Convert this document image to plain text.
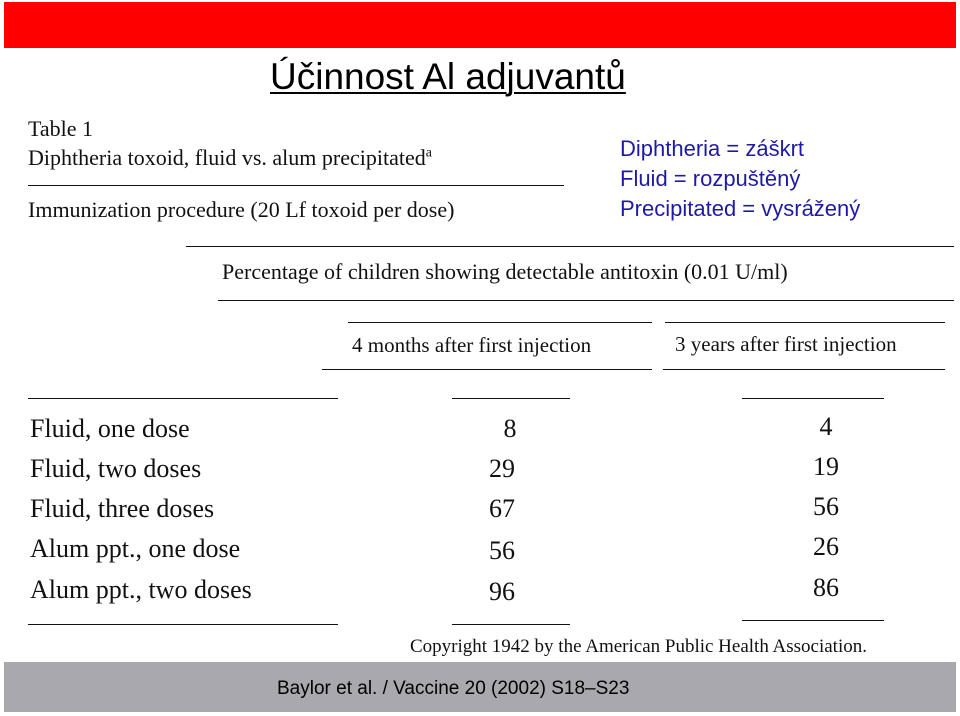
Účinnost Al adjuvantů
Table 1
Diphtheria toxoid, fluid vs. alum precipitated$^a$
Immunization procedure (20 Lf toxoid per dose)
Diphtheria = záškrt
Fluid = rozpuštěný
Precipitated = vysrážený
Percentage of children showing detectable antitoxin (0.01 U/ml)
4 months after first injection	3 years after first injection
Fluid, one dose	8	4
Fluid, two doses	29	19
Fluid, three doses	67	56
Alum ppt., one dose	56	26
Alum ppt., two doses	96	86
Copyright 1942 by the American Public Health Association.
Baylor et al. / Vaccine 20 (2002) S18–S23
